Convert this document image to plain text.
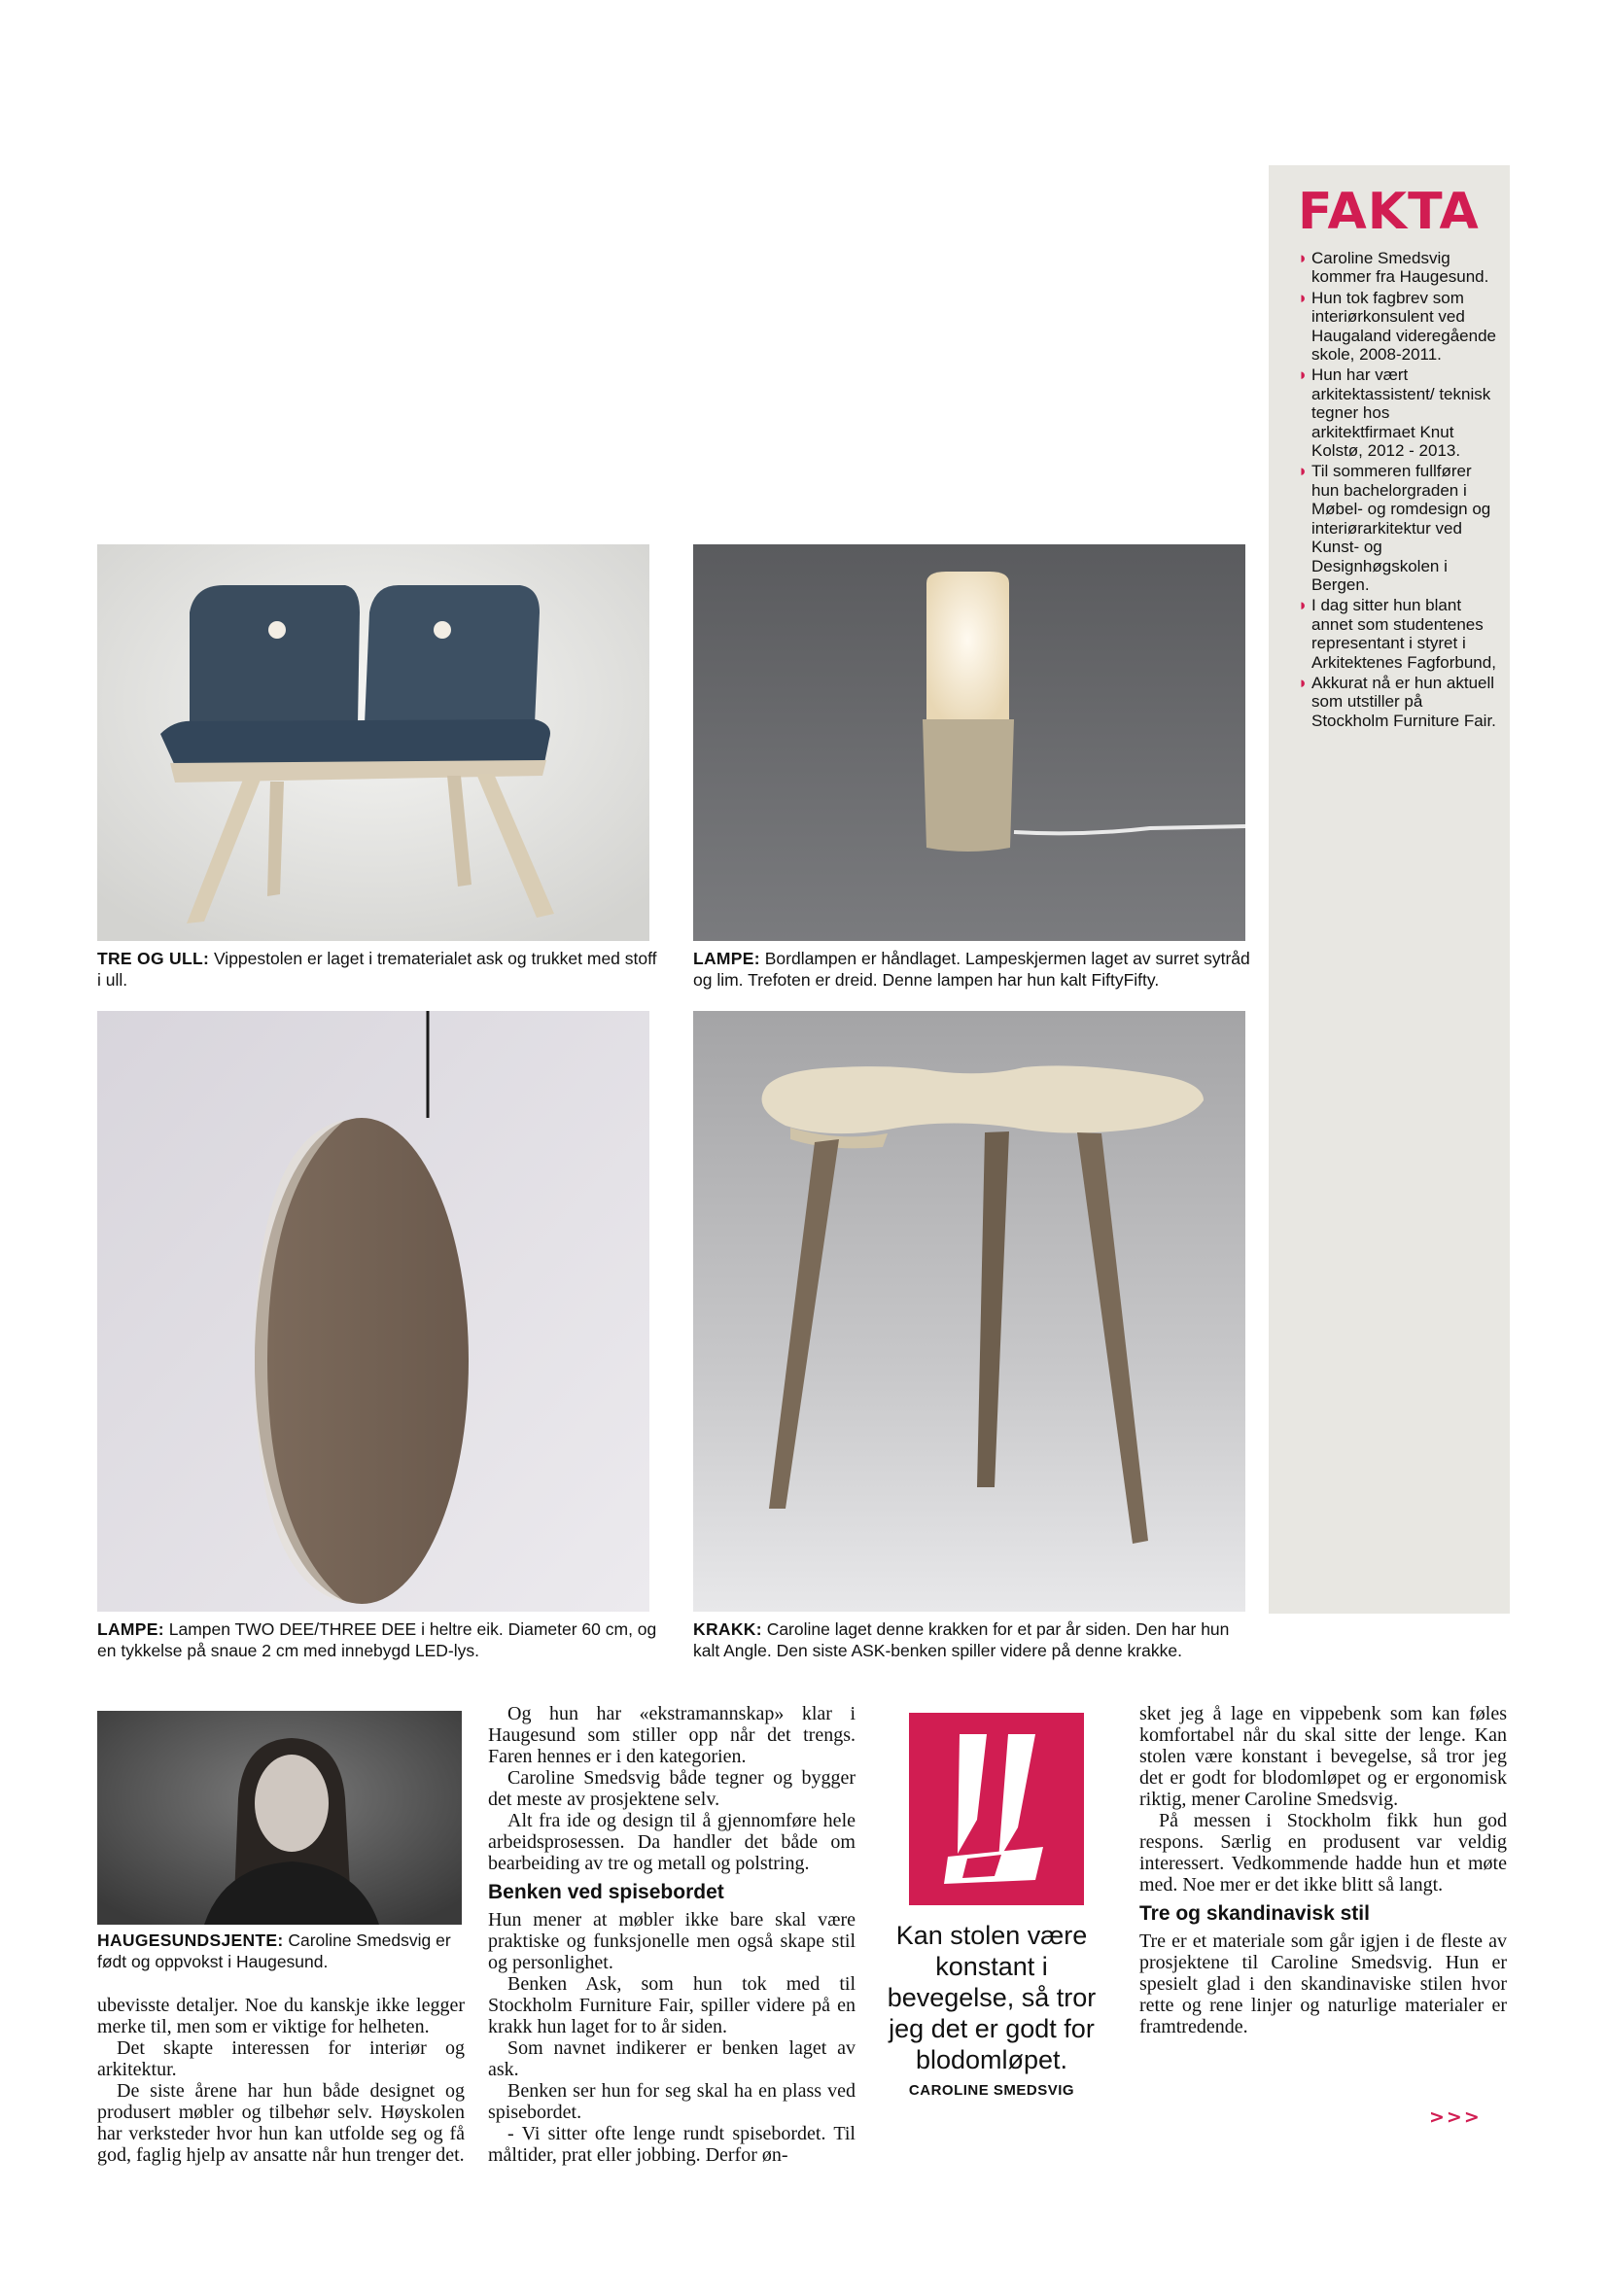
FAKTA
◗ Caroline Smedsvig kommer fra Haugesund.
◗ Hun tok fagbrev som interiørkonsulent ved Haugaland videregående skole, 2008-2011.
◗ Hun har vært arkitektassistent/ teknisk tegner hos arkitektfirmaet Knut Kolstø, 2012 - 2013.
◗ Til sommeren fullfører hun bachelorgraden i Møbel- og romdesign og interiørarkitektur ved Kunst- og Designhøgskolen i Bergen.
◗ I dag sitter hun blant annet som studentenes representant i styret i Arkitektenes Fagforbund,
◗ Akkurat nå er hun aktuell som utstiller på Stockholm Furniture Fair.
TRE OG ULL: Vippestolen er laget i trematerialet ask og trukket med stoff i ull.
LAMPE: Bordlampen er håndlaget. Lampeskjermen laget av surret sytråd og lim. Trefoten er dreid. Denne lampen har hun kalt FiftyFifty.
LAMPE: Lampen TWO DEE/THREE DEE i heltre eik. Diameter 60 cm, og en tykkelse på snaue 2 cm med innebygd LED-lys.
KRAKK: Caroline laget denne krakken for et par år siden. Den har hun kalt Angle. Den siste ASK-benken spiller videre på denne krakke.
HAUGESUNDSJENTE: Caroline Smedsvig er født og oppvokst i Haugesund.

ubevisste detaljer. Noe du kanskje ikke legger merke til, men som er viktige for helheten.

Det skapte interessen for interiør og arkitektur.

De siste årene har hun både designet og produsert møbler og tilbehør selv. Høyskolen har verksteder hvor hun kan utfolde seg og få god, faglig hjelp av ansatte når hun trenger det.

Og hun har «ekstramannskap» klar i Haugesund som stiller opp når det trengs. Faren hennes er i den kategorien.

Caroline Smedsvig både tegner og bygger det meste av prosjektene selv.

Alt fra ide og design til å gjennomføre hele arbeidsprosessen. Da handler det både om bearbeiding av tre og metall og polstring.

Benken ved spisebordet

Hun mener at møbler ikke bare skal være praktiske og funksjonelle men også skape stil og personlighet.

Benken Ask, som hun tok med til Stockholm Furniture Fair, spiller videre på en krakk hun laget for to år siden.

Som navnet indikerer er benken laget av ask.

Benken ser hun for seg skal ha en plass ved spisebordet.

- Vi sitter ofte lenge rundt spisebordet. Til måltider, prat eller jobbing. Derfor øn-

Kan stolen være konstant i bevegelse, så tror jeg det er godt for blodomløpet.
CAROLINE SMEDSVIG

sket jeg å lage en vippebenk som kan føles komfortabel når du skal sitte der lenge. Kan stolen være konstant i bevegelse, så tror jeg det er godt for blodomløpet og er ergonomisk riktig, mener Caroline Smedsvig.

På messen i Stockholm fikk hun god respons. Særlig en produsent var veldig interessert. Vedkommende hadde hun et møte med. Noe mer er det ikke blitt så langt.

Tre og skandinavisk stil

Tre er et materiale som går igjen i de fleste av prosjektene til Caroline Smedsvig. Hun er spesielt glad i den skandinaviske stilen hvor rette og rene linjer og naturlige materialer er framtredende.

>>>
